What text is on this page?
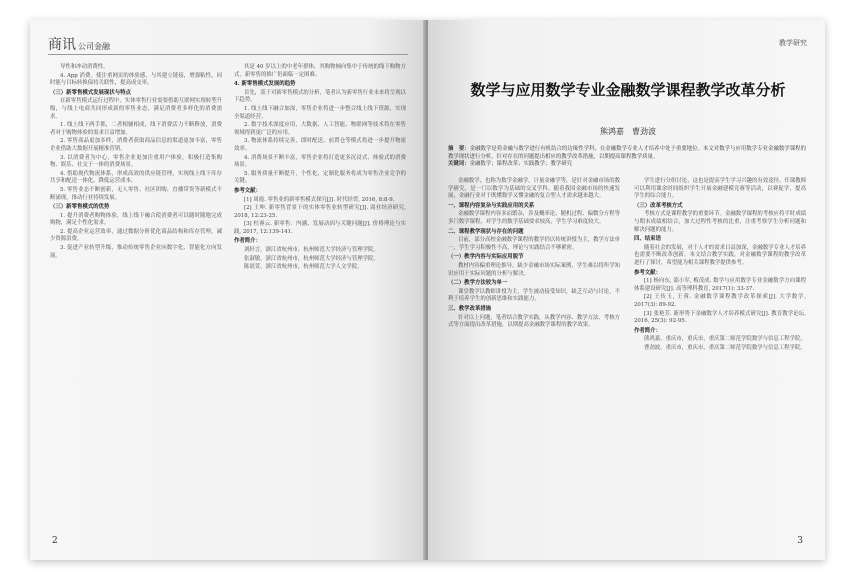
商讯 公司金融

导性和冲动消费性。

4. App 消费。使注重网页的体验感，与其建立链接，增强粘性，同时能与目标转换保持关联性，提高成交率。

（三）新零售模式发展现状与特点

在新零售模式运行过程中，实体零售行业需要借助互联网实现转型升级，与线上电商共同形成新的零售业态，满足消费者多样化的消费需求。

1. 线上线下两手抓，二者相辅相成，线下消费活力不断释放，消费者对于购物体验的需求日益增加。

2. 零售商品更加多样，消费者获取商品信息的渠道更加丰富，零售企业借助大数据开展精准营销。

3. 以消费者为中心，零售企业更加注重用户体验，积极打造集购物、娱乐、社交于一体的消费场景。

4. 借助现代物流体系，形成高效的供应链管理，实现线上线下库存共享和配送一体化，降低运营成本。

5. 零售业态不断创新，无人零售、社区团购、直播带货等新模式不断涌现，推动行业持续发展。

（三）新零售模式的优势

1. 提升消费者购物体验，线上线下融合使消费者可以随时随地完成购物，满足个性化需求。

2. 提高企业运营效率，通过数据分析优化商品结构和库存管理，减少资源浪费。

3. 促进产业转型升级，推动传统零售企业向数字化、智能化方向发展。

其是 40 岁以上的中老年群体，其购物倾向集中于传统的线下购物方式，新零售的推广仍面临一定困难。

4. 新零售模式发展的趋势

首先，基于对新零售模式的分析，笔者认为新零售行业未来将呈现以下趋势。

1. 线上线下融合加深，零售企业将进一步整合线上线下资源，实现全渠道经营。

2. 数字技术深度应用，大数据、人工智能、物联网等技术将在零售领域得到更广泛的应用。

3. 物流体系持续完善，即时配送、前置仓等模式将进一步提升物流效率。

4. 消费场景不断丰富，零售企业将打造更多沉浸式、体验式的消费场景。

5. 服务质量不断提升，个性化、定制化服务将成为零售企业竞争的关键。

参考文献：

[1] 周霞. 零售业的新零售模式探究[J]. 时代经贸, 2016, 8:8-9.

[2] 王坤. 新零售背景下的实体零售业转型研究[J]. 商业经济研究, 2018, 12:23-25.

[3] 杜睿云. 新零售：内涵、发展动因与关键问题[J]. 价格理论与实践, 2017, 12:139-141.

作者简介：

刘轩言，浙江省杭州市，杭州师范大学经济与管理学院。

张淑敏，浙江省杭州市，杭州师范大学经济与管理学院。

陈晨萱，浙江省杭州市，杭州师范大学人文学院。

2
教学研究
数学与应用数学专业金融数学课程教学改革分析
熊鸿嘉　曹劲波
摘　要：金融数学是将金融与数学进行有机结合的边缘性学科，在金融数学专业人才培养中处于重要地位。本文对数学与应用数学专业金融数学课程的教学现状进行分析，针对存在的问题提出相应的教学改革措施，以期提高课程教学质量。
关键词：金融数学；课程改革；实践教学；教学研究

金融数学，也称为数学金融学，计量金融学等，是针对金融市场的数学研究，是一门以数学为基础的交叉学科。随着我国金融市场的快速发展，金融行业对于既懂数学又懂金融的复合型人才需求越来越大。

一、课程内容复杂与实践应用的关系

金融数学课程内容多而繁杂，涉及概率论、随机过程、偏微分方程等多门数学课程，对学生的数学基础要求较高，学生学习难度较大。

二、课程教学现状与存在的问题

目前，部分高校金融数学课程的教学仍以传统讲授为主，教学方法单一，学生学习积极性不高，理论与实践结合不够紧密。

（一）教学内容与实际应用脱节

教材内容偏重理论推导，缺少金融市场实际案例，学生难以将所学知识应用于实际问题的分析与解决。

（二）教学方法较为单一

课堂教学以教师讲授为主，学生被动接受知识，缺乏互动与讨论，不利于培养学生的创新思维和实践能力。

三、教学改革措施

针对以上问题，笔者结合教学实践，从教学内容、教学方法、考核方式等方面提出改革措施，以期提高金融数学课程的教学效果。

学生进行分组讨论，这也是提高学生学习兴趣的有效途径。任课教师可以利用课余时间组织学生开展金融建模竞赛等活动，以赛促学，提高学生的综合能力。

（三）改革考核方式

考核方式是课程教学的重要环节。金融数学课程的考核应将平时成绩与期末成绩相结合，加大过程性考核的比重，注重考察学生分析问题和解决问题的能力。

四、结束语

随着社会的发展，对于人才的需求日益加深，金融数学专业人才培养也需要不断改革创新。本文结合教学实践，对金融数学课程的教学改革进行了探讨，希望能为相关课程教学提供参考。

参考文献：

[1] 杨向东, 邵小军, 梅茂成. 数学与应用数学专业金融数学方向课程体系建设研究[J]. 高等理科教育, 2017(1): 33-37.

[2] 王传玉, 王蓉. 金融数学课程教学改革探索[J]. 大学数学, 2017(3): 89-92.

[3] 张艳芳. 新形势下金融数学人才培养模式研究[J]. 教育教学论坛, 2016, 25(3): 92-95.

作者简介：

熊鸿嘉，重庆市，重庆市，重庆第二师范学院数学与信息工程学院。

曹劲波，重庆市，重庆市，重庆第二师范学院数学与信息工程学院。

3
